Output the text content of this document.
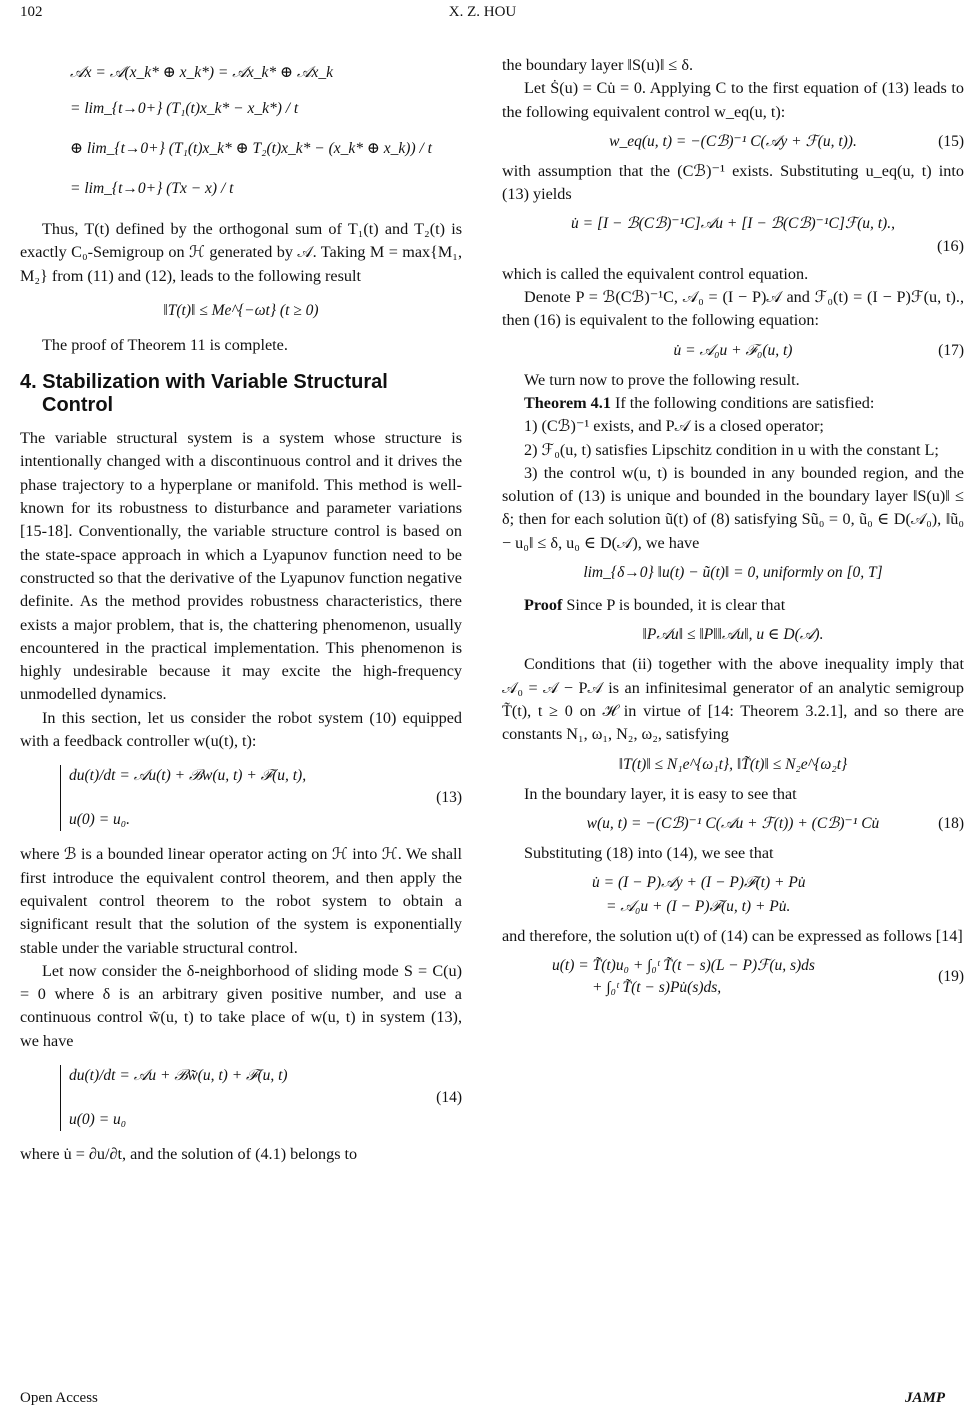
102	X. Z. HOU
𝒜x = 𝒜(x_k* ⊕ x_k*) = 𝒜x_k* ⊕ 𝒜x_k
= lim_{t→0+} (T₁(t)x_k* − x_k*) / t
⊕ lim_{t→0+} (T₁(t)x_k* ⊕ T₂(t)x_k* − (x_k* ⊕ x_k)) / t
= lim_{t→0+} (Tx − x) / t

Thus, T(t) defined by the orthogonal sum of T₁(t) and T₂(t) is exactly C₀-Semigroup on ℋ generated by 𝒜. Taking M = max{M₁, M₂} from (11) and (12), leads to the following result

‖T(t)‖ ≤ Me^{−ωt} (t ≥ 0)

The proof of Theorem 11 is complete.

4. Stabilization with Variable Structural
Control

The variable structural system is a system whose structure is intentionally changed with a discontinuous control and it drives the phase trajectory to a hyperplane or manifold. This method is well-known for its robustness to disturbance and parameter variations [15-18]. Conventionally, the variable structure control is based on the state-space approach in which a Lyapunov function need to be constructed so that the derivative of the Lyapunov function negative definite. As the method provides robustness characteristics, there exists a major problem, that is, the chattering phenomenon, usually encountered in the practical implementation. This phenomenon is highly undesirable because it may excite the high-frequency unmodelled dynamics.

In this section, let us consider the robot system (10) equipped with a feedback controller w(u(t), t):

du(t)/dt = 𝒜u(t) + ℬw(u, t) + ℱ(u, t),

u(0) = u₀.
(13)

where ℬ is a bounded linear operator acting on ℋ into ℋ. We shall first introduce the equivalent control theorem, and then apply the equivalent control theorem to the robot system to obtain a significant result that the solution of the system is exponentially stable under the variable structural control.

Let now consider the δ-neighborhood of sliding mode S = C(u) = 0 where δ is an arbitrary given positive number, and use a continuous control w̃(u, t) to take place of w(u, t) in system (13), we have

du(t)/dt = 𝒜u + ℬw̃(u, t) + ℱ(u, t)

u(0) = u₀
(14)

where u̇ = ∂u/∂t, and the solution of (4.1) belongs to

the boundary layer ‖S(u)‖ ≤ δ.

Let Ṡ(u) = Cu̇ = 0. Applying C to the first equation of (13) leads to the following equivalent control w_eq(u, t):

w_eq(u, t) = −(Cℬ)⁻¹ C(𝒜y + ℱ(u, t)).	(15)

with assumption that the (Cℬ)⁻¹ exists. Substituting u_eq(u, t) into (13) yields

u̇ = [I − ℬ(Cℬ)⁻¹C]𝒜u + [I − ℬ(Cℬ)⁻¹C]ℱ(u, t).,
(16)

which is called the equivalent control equation.

Denote P = ℬ(Cℬ)⁻¹C, 𝒜₀ = (I − P)𝒜 and ℱ₀(t) = (I − P)ℱ(u, t)., then (16) is equivalent to the following equation:

u̇ = 𝒜₀u + ℱ₀(u, t)	(17)

We turn now to prove the following result.

Theorem 4.1 If the following conditions are satisfied:

1) (Cℬ)⁻¹ exists, and P𝒜 is a closed operator;

2) ℱ₀(u, t) satisfies Lipschitz condition in u with the constant L;

3) the control w(u, t) is bounded in any bounded region, and the solution of (13) is unique and bounded in the boundary layer ‖S(u)‖ ≤ δ; then for each solution ũ(t) of (8) satisfying Sũ₀ = 0, ũ₀ ∈ D(𝒜₀), ‖ũ₀ − u₀‖ ≤ δ, u₀ ∈ D(𝒜), we have

lim_{δ→0} ‖u(t) − ũ(t)‖ = 0, uniformly on [0, T]

Proof Since P is bounded, it is clear that

‖P𝒜u‖ ≤ ‖P‖‖𝒜u‖, u ∈ D(𝒜).

Conditions that (ii) together with the above inequality imply that 𝒜₀ = 𝒜 − P𝒜 is an infinitesimal generator of an analytic semigroup T̃(t), t ≥ 0 on ℋ in virtue of [14: Theorem 3.2.1], and so there are constants N₁, ω₁, N₂, ω₂, satisfying

‖T(t)‖ ≤ N₁e^{ω₁t}, ‖T̃(t)‖ ≤ N₂e^{ω₂t}

In the boundary layer, it is easy to see that

w(u, t) = −(Cℬ)⁻¹ C(𝒜u + ℱ(t)) + (Cℬ)⁻¹ Cu̇	(18)

Substituting (18) into (14), we see that

u̇ = (I − P)𝒜y + (I − P)ℱ(t) + Pu̇
= 𝒜₀u + (I − P)ℱ(u, t) + Pu̇.

and therefore, the solution u(t) of (14) can be expressed as follows [14]

u(t) = T̃(t)u₀ + ∫₀ᵗ T̃(t − s)(L − P)ℱ(u, s)ds
+ ∫₀ᵗ T̃(t − s)Pu̇(s)ds,
(19)
Open Access	JAMP
